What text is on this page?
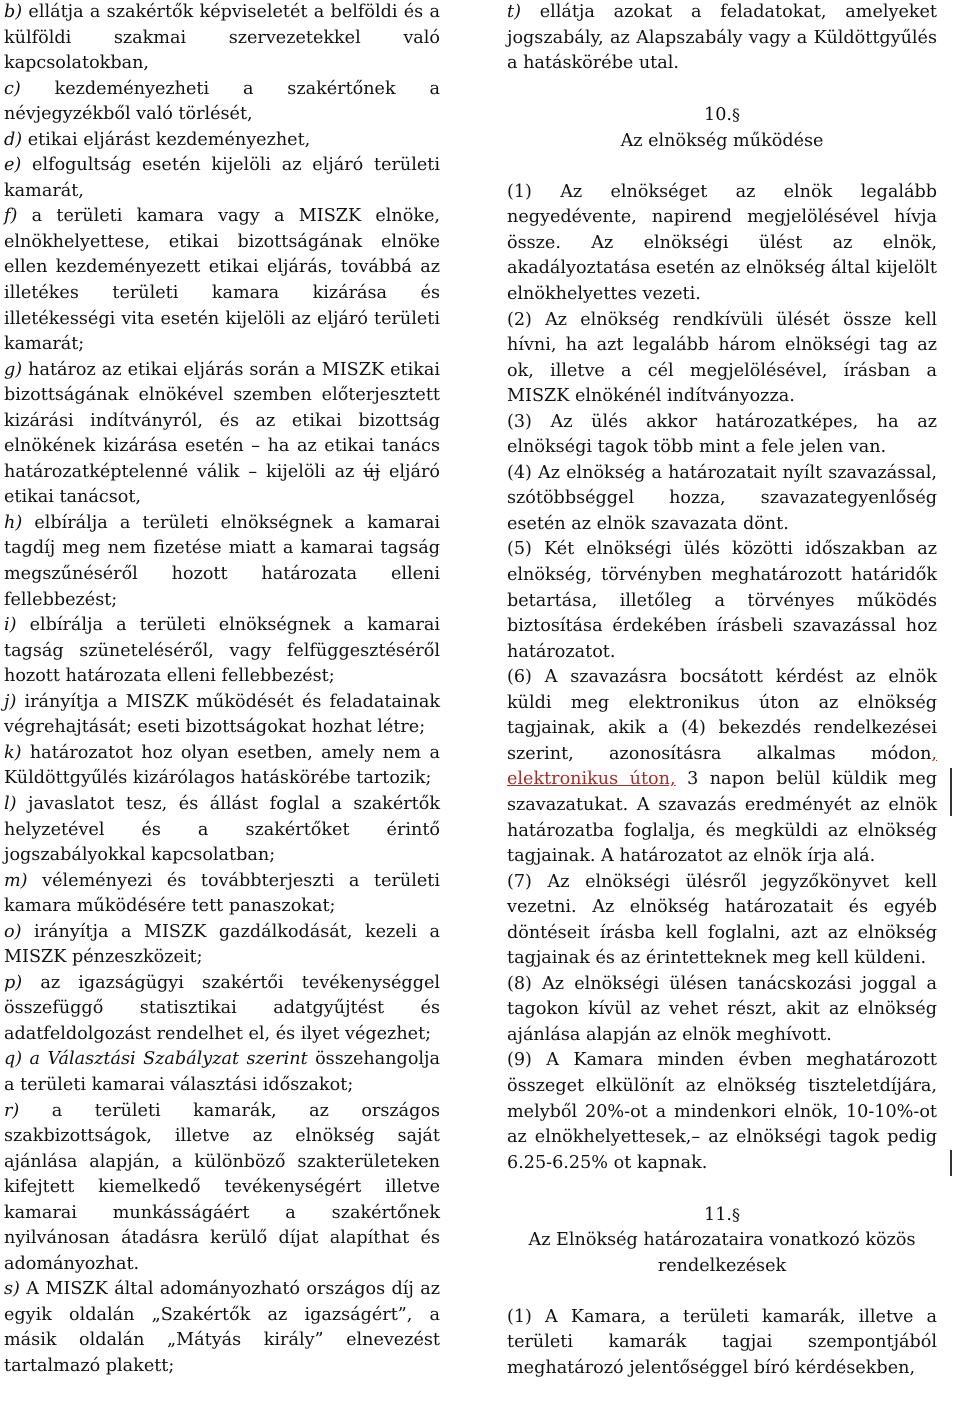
b) ellátja a szakértők képviseletét a belföldi és a külföldi szakmai szervezetekkel való kapcsolatokban,

c) kezdeményezheti a szakértőnek a névjegyzékből való törlését,

d) etikai eljárást kezdeményezhet,

e) elfogultság esetén kijelöli az eljáró területi kamarát,

f) a területi kamara vagy a MISZK elnöke, elnökhelyettese, etikai bizottságának elnöke ellen kezdeményezett etikai eljárás, továbbá az illetékes területi kamara kizárása és illetékességi vita esetén kijelöli az eljáró területi kamarát;

g) határoz az etikai eljárás során a MISZK etikai bizottságának elnökével szemben előterjesztett kizárási indítványról, és az etikai bizottság elnökének kizárása esetén – ha az etikai tanács határozatképtelenné válik – kijelöli az új eljáró etikai tanácsot,

h) elbírálja a területi elnökségnek a kamarai tagdíj meg nem fizetése miatt a kamarai tagság megszűnéséről hozott határozata elleni fellebbezést;

i) elbírálja a területi elnökségnek a kamarai tagság szüneteléséről, vagy felfüggesztéséről hozott határozata elleni fellebbezést;

j) irányítja a MISZK működését és feladatainak végrehajtását; eseti bizottságokat hozhat létre;

k) határozatot hoz olyan esetben, amely nem a Küldöttgyűlés kizárólagos hatáskörébe tartozik;

l) javaslatot tesz, és állást foglal a szakértők helyzetével és a szakértőket érintő jogszabályokkal kapcsolatban;

m) véleményezi és továbbterjeszti a területi kamara működésére tett panaszokat;

o) irányítja a MISZK gazdálkodását, kezeli a MISZK pénzeszközeit;

p) az igazságügyi szakértői tevékenységgel összefüggő statisztikai adatgyűjtést és adatfeldolgozást rendelhet el, és ilyet végezhet;

q) a Választási Szabályzat szerint összehangolja a területi kamarai választási időszakot;

r) a területi kamarák, az országos szakbizottságok, illetve az elnökség saját ajánlása alapján, a különböző szakterületeken kifejtett kiemelkedő tevékenységért illetve kamarai munkásságáért a szakértőnek nyilvánosan átadásra kerülő díjat alapíthat és adományozhat.

s) A MISZK által adományozható országos díj az egyik oldalán „Szakértők az igazságért”, a másik oldalán „Mátyás király” elnevezést tartalmazó plakett;

t) ellátja azokat a feladatokat, amelyeket jogszabály, az Alapszabály vagy a Küldöttgyűlés a hatáskörébe utal.

10.§

Az elnökség működése

(1) Az elnökséget az elnök legalább negyedévente, napirend megjelölésével hívja össze. Az elnökségi ülést az elnök, akadályoztatása esetén az elnökség által kijelölt elnökhelyettes vezeti.

(2) Az elnökség rendkívüli ülését össze kell hívni, ha azt legalább három elnökségi tag az ok, illetve a cél megjelölésével, írásban a MISZK elnökénél indítványozza.

(3) Az ülés akkor határozatképes, ha az elnökségi tagok több mint a fele jelen van.

(4) Az elnökség a határozatait nyílt szavazással, szótöbbséggel hozza, szavazategyenlőség esetén az elnök szavazata dönt.

(5) Két elnökségi ülés közötti időszakban az elnökség, törvényben meghatározott határidők betartása, illetőleg a törvényes működés biztosítása érdekében írásbeli szavazással hoz határozatot.

(6) A szavazásra bocsátott kérdést az elnök küldi meg elektronikus úton az elnökség tagjainak, akik a (4) bekezdés rendelkezései szerint, azonosításra alkalmas módon, elektronikus úton, 3 napon belül küldik meg szavazatukat. A szavazás eredményét az elnök határozatba foglalja, és megküldi az elnökség tagjainak. A határozatot az elnök írja alá.

(7) Az elnökségi ülésről jegyzőkönyvet kell vezetni. Az elnökség határozatait és egyéb döntéseit írásba kell foglalni, azt az elnökség tagjainak és az érintetteknek meg kell küldeni.

(8) Az elnökségi ülésen tanácskozási joggal a tagokon kívül az vehet részt, akit az elnökség ajánlása alapján az elnök meghívott.

(9) A Kamara minden évben meghatározott összeget elkülönít az elnökség tiszteletdíjára, melyből 20%-ot a mindenkori elnök, 10-10%-ot az elnökhelyettesek,– az elnökségi tagok pedig 6.25-6.25% ot kapnak.

11.§

Az Elnökség határozataira vonatkozó közös rendelkezések

(1) A Kamara, a területi kamarák, illetve a területi kamarák tagjai szempontjából meghatározó jelentőséggel bíró kérdésekben,
